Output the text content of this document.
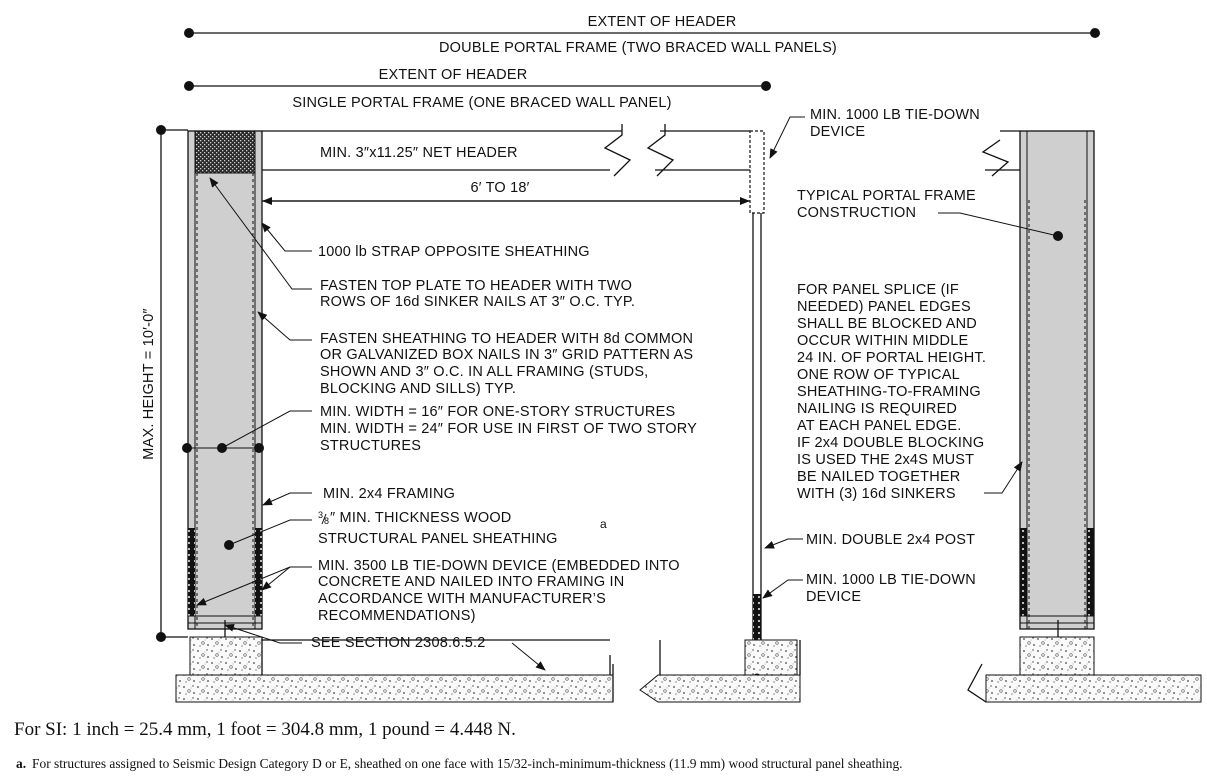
EXTENT OF HEADER
DOUBLE PORTAL FRAME (TWO BRACED WALL PANELS)
EXTENT OF HEADER
SINGLE PORTAL FRAME (ONE BRACED WALL PANEL)
MAX. HEIGHT = 10′-0″
6′ TO 18′
MIN. 3″x11.25″ NET HEADER
1000 lb STRAP OPPOSITE SHEATHING
FASTEN TOP PLATE TO HEADER WITH TWO
ROWS OF 16d SINKER NAILS AT 3″ O.C. TYP.
FASTEN SHEATHING TO HEADER WITH 8d COMMON
OR GALVANIZED BOX NAILS IN 3″ GRID PATTERN AS
SHOWN AND 3″ O.C. IN ALL FRAMING (STUDS,
BLOCKING AND SILLS) TYP.
MIN. WIDTH = 16″ FOR ONE-STORY STRUCTURES
MIN. WIDTH = 24″ FOR USE IN FIRST OF TWO STORY
STRUCTURES
MIN. 2x4 FRAMING
3
8 ″ MIN. THICKNESS WOOD
STRUCTURAL PANEL SHEATHING
a
MIN. 3500 LB TIE-DOWN DEVICE (EMBEDDED INTO
CONCRETE AND NAILED INTO FRAMING IN
ACCORDANCE WITH MANUFACTURER’S
RECOMMENDATIONS)
SEE SECTION 2308.6.5.2
MIN. 1000 LB TIE-DOWN
DEVICE
TYPICAL PORTAL FRAME
CONSTRUCTION
FOR PANEL SPLICE (IF
NEEDED) PANEL EDGES
SHALL BE BLOCKED AND
OCCUR WITHIN MIDDLE
24 IN. OF PORTAL HEIGHT.
ONE ROW OF TYPICAL
SHEATHING-TO-FRAMING
NAILING IS REQUIRED
AT EACH PANEL EDGE.
IF 2x4 DOUBLE BLOCKING
IS USED THE 2x4S MUST
BE NAILED TOGETHER
WITH (3) 16d SINKERS
MIN. DOUBLE 2x4 POST
MIN. 1000 LB TIE-DOWN
DEVICE
For SI: 1 inch = 25.4 mm, 1 foot = 304.8 mm, 1 pound = 4.448 N.
a. For structures assigned to Seismic Design Category D or E, sheathed on one face with 15/32-inch-minimum-thickness (11.9 mm) wood structural panel sheathing.
